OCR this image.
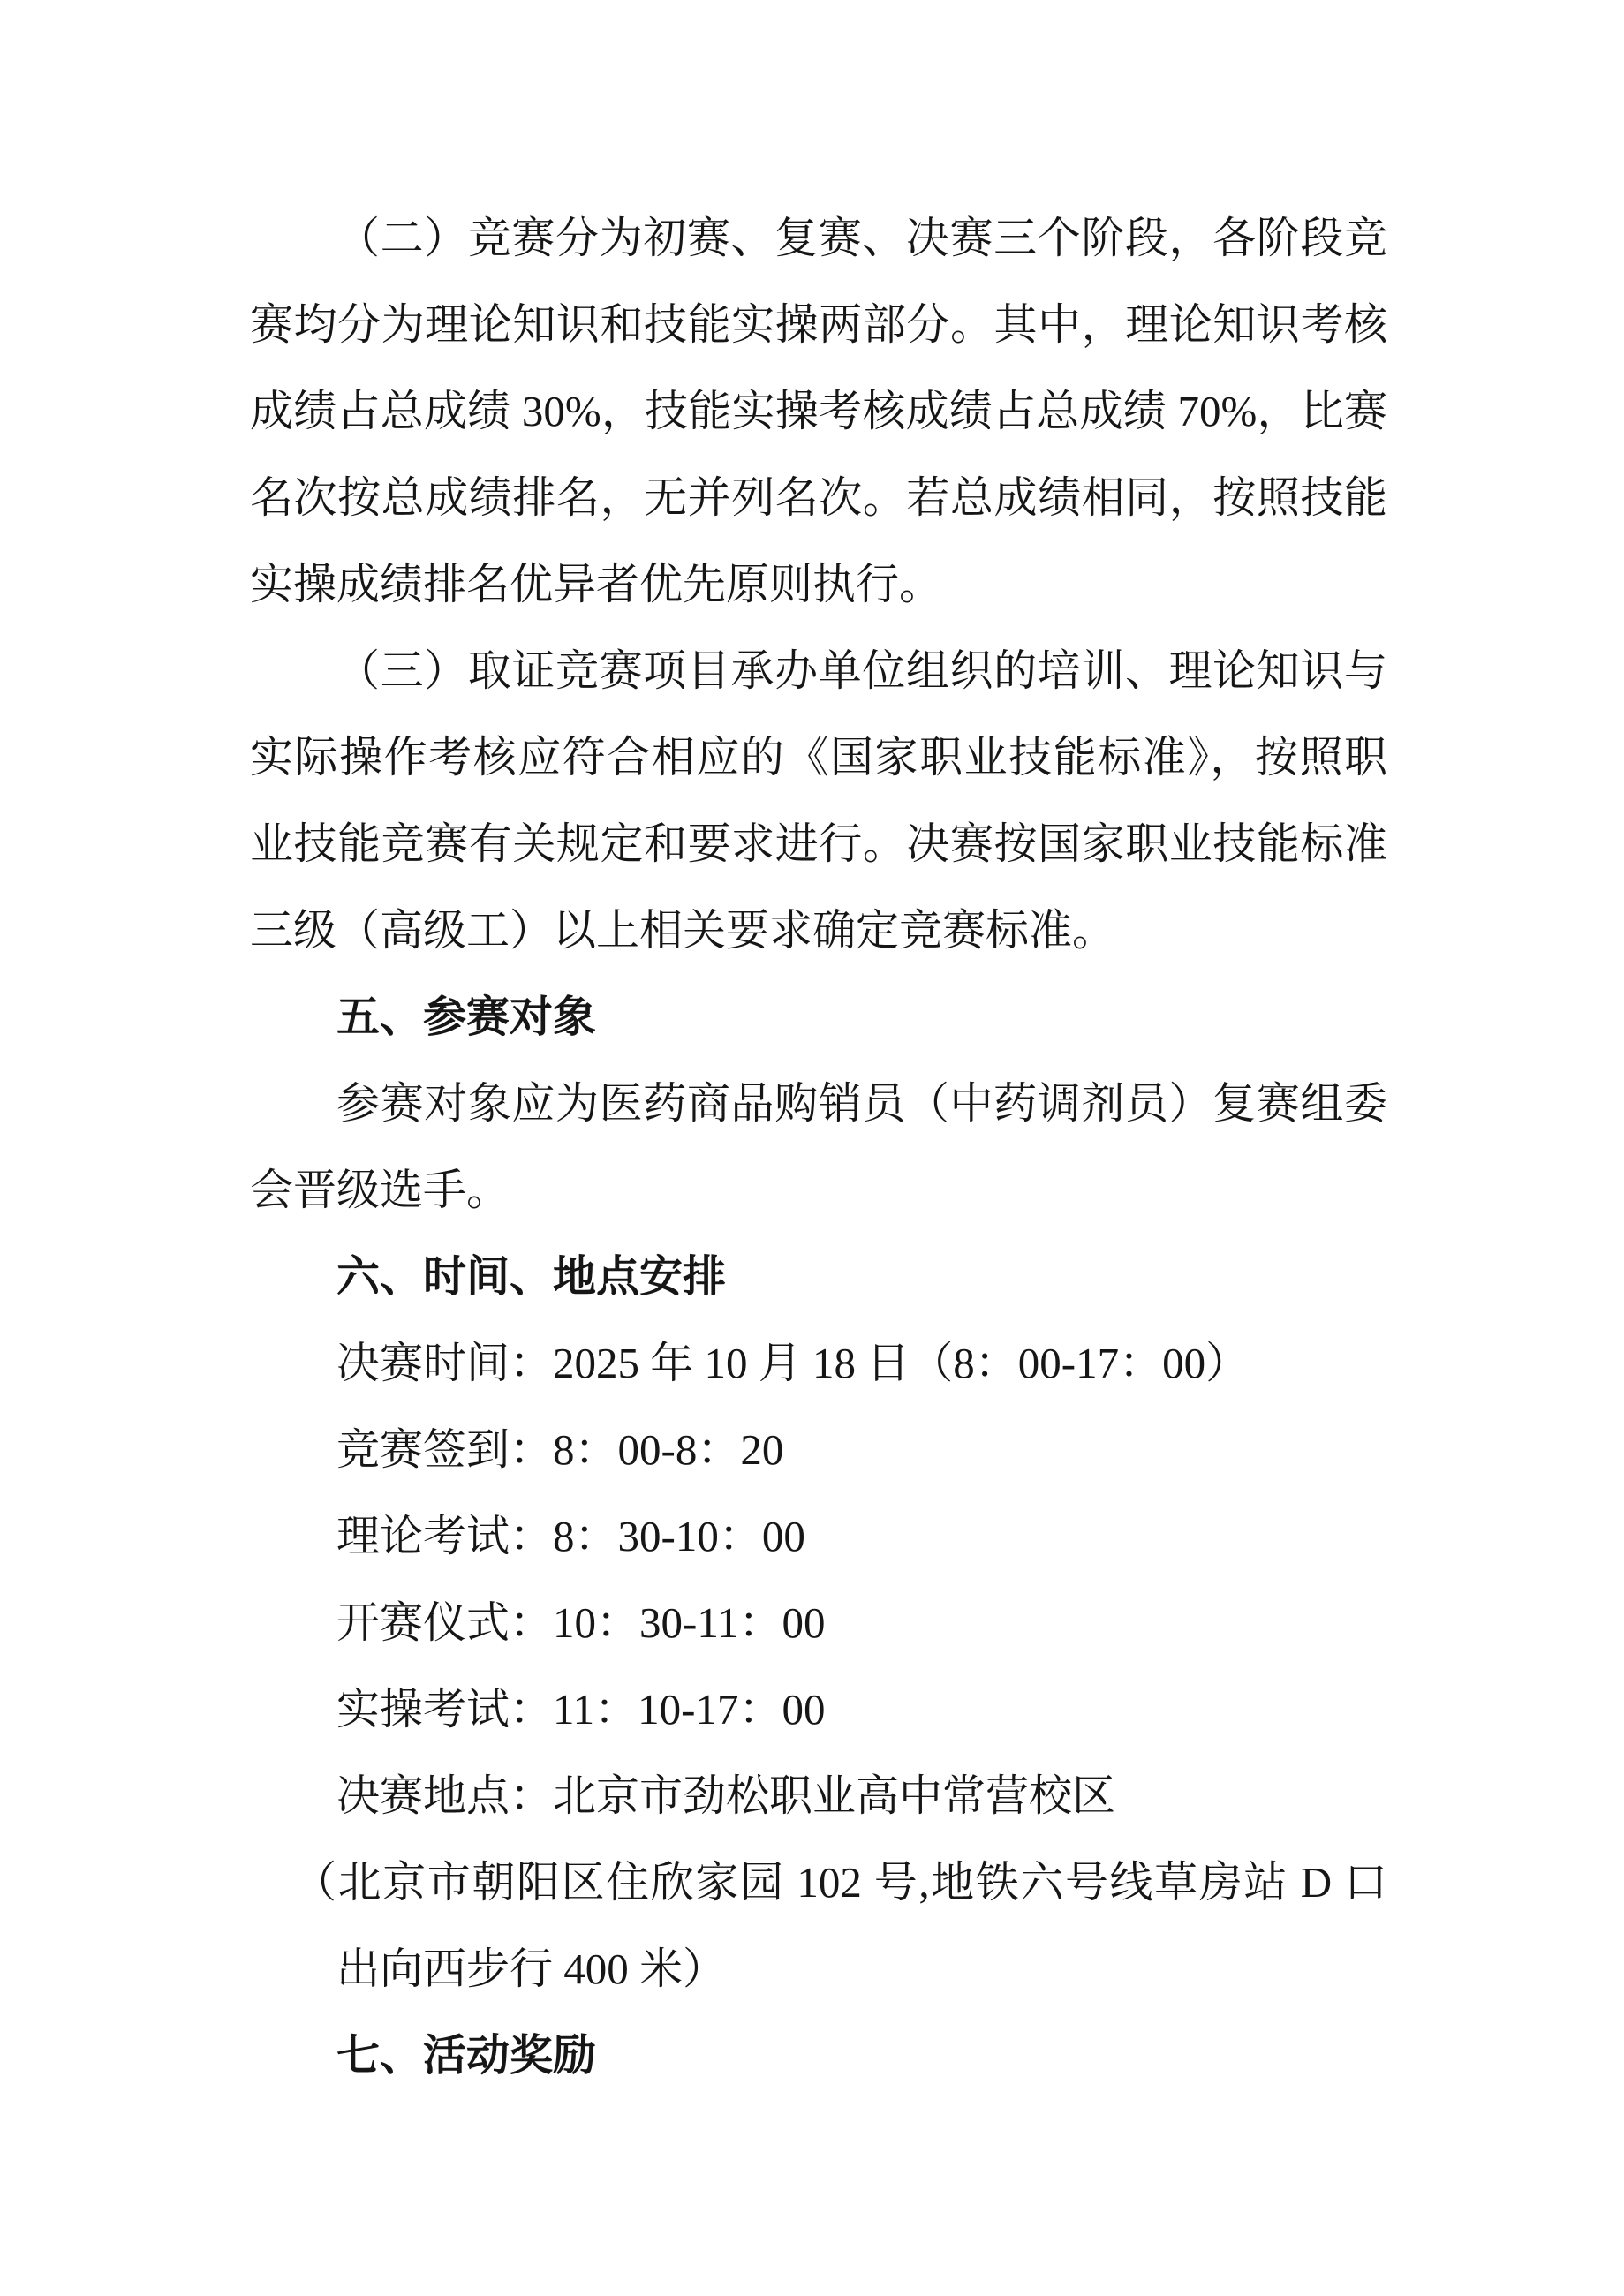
（二）竞赛分为初赛、复赛、决赛三个阶段，各阶段竞
赛均分为理论知识和技能实操两部分。其中，理论知识考核
成绩占总成绩 30%，技能实操考核成绩占总成绩 70%，比赛
名次按总成绩排名，无并列名次。若总成绩相同，按照技能
实操成绩排名优异者优先原则执行。
（三）取证竞赛项目承办单位组织的培训、理论知识与
实际操作考核应符合相应的《国家职业技能标准》，按照职
业技能竞赛有关规定和要求进行。决赛按国家职业技能标准
三级（高级工）以上相关要求确定竞赛标准。
五、参赛对象
参赛对象应为医药商品购销员（中药调剂员）复赛组委
会晋级选手。
六、时间、地点安排
决赛时间：2025 年 10 月 18 日（8：00-17：00）
竞赛签到：8：00-8：20
理论考试：8：30-10：00
开赛仪式：10：30-11：00
实操考试：11：10-17：00
决赛地点：北京市劲松职业高中常营校区
（北京市朝阳区住欣家园 102 号,地铁六号线草房站 D 口
出向西步行 400 米）
七、活动奖励
